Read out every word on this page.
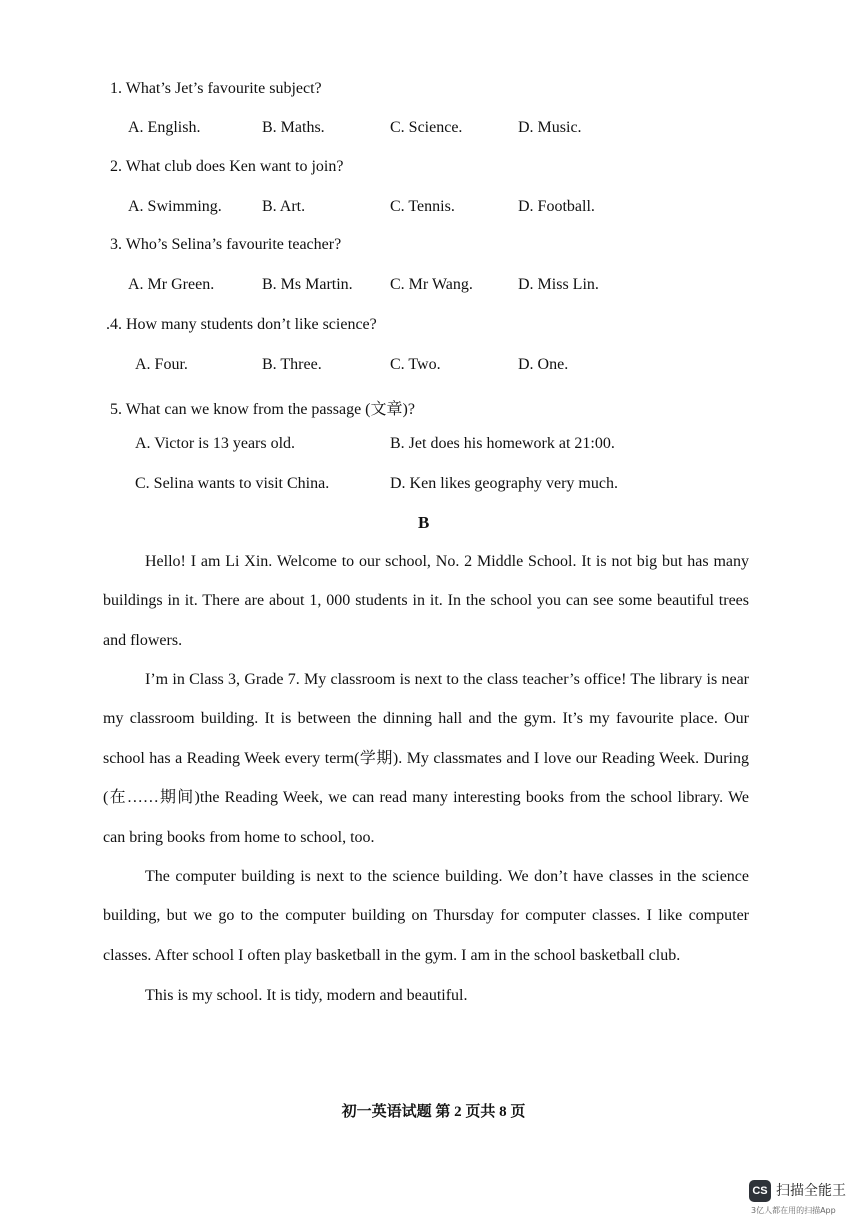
1. What’s Jet’s favourite subject?
A. English.	B. Maths.	C. Science.	D. Music.
2. What club does Ken want to join?
A. Swimming.	B. Art.	C. Tennis.	D. Football.
3. Who’s Selina’s favourite teacher?
A. Mr Green.	B. Ms Martin. C. Mr Wang.	D. Miss Lin.
.4. How many students don’t like science?
A. Four.	B. Three.	C. Two.	D. One.
5. What can we know from the passage (文章)?
A. Victor is 13 years old.	B. Jet does his homework at 21:00.
C. Selina wants to visit China.	D. Ken likes geography very much.
B

Hello! I am Li Xin. Welcome to our school, No. 2 Middle School. It is not big but has many buildings in it. There are about 1, 000 students in it. In the school you can see some beautiful trees and flowers.

I’m in Class 3, Grade 7. My classroom is next to the class teacher’s office! The library is near my classroom building. It is between the dinning hall and the gym. It’s my favourite place. Our school has a Reading Week every term(学期). My classmates and I love our Reading Week. During (在……期间)the Reading Week, we can read many interesting books from the school library. We can bring books from home to school, too.

The computer building is next to the science building. We don’t have classes in the science building, but we go to the computer building on Thursday for computer classes. I like computer classes. After school I often play basketball in the gym. I am in the school basketball club.

This is my school. It is tidy, modern and beautiful.

初一英语试题 第 2 页共 8 页
CS 扫描全能王
3亿人都在用的扫描App
